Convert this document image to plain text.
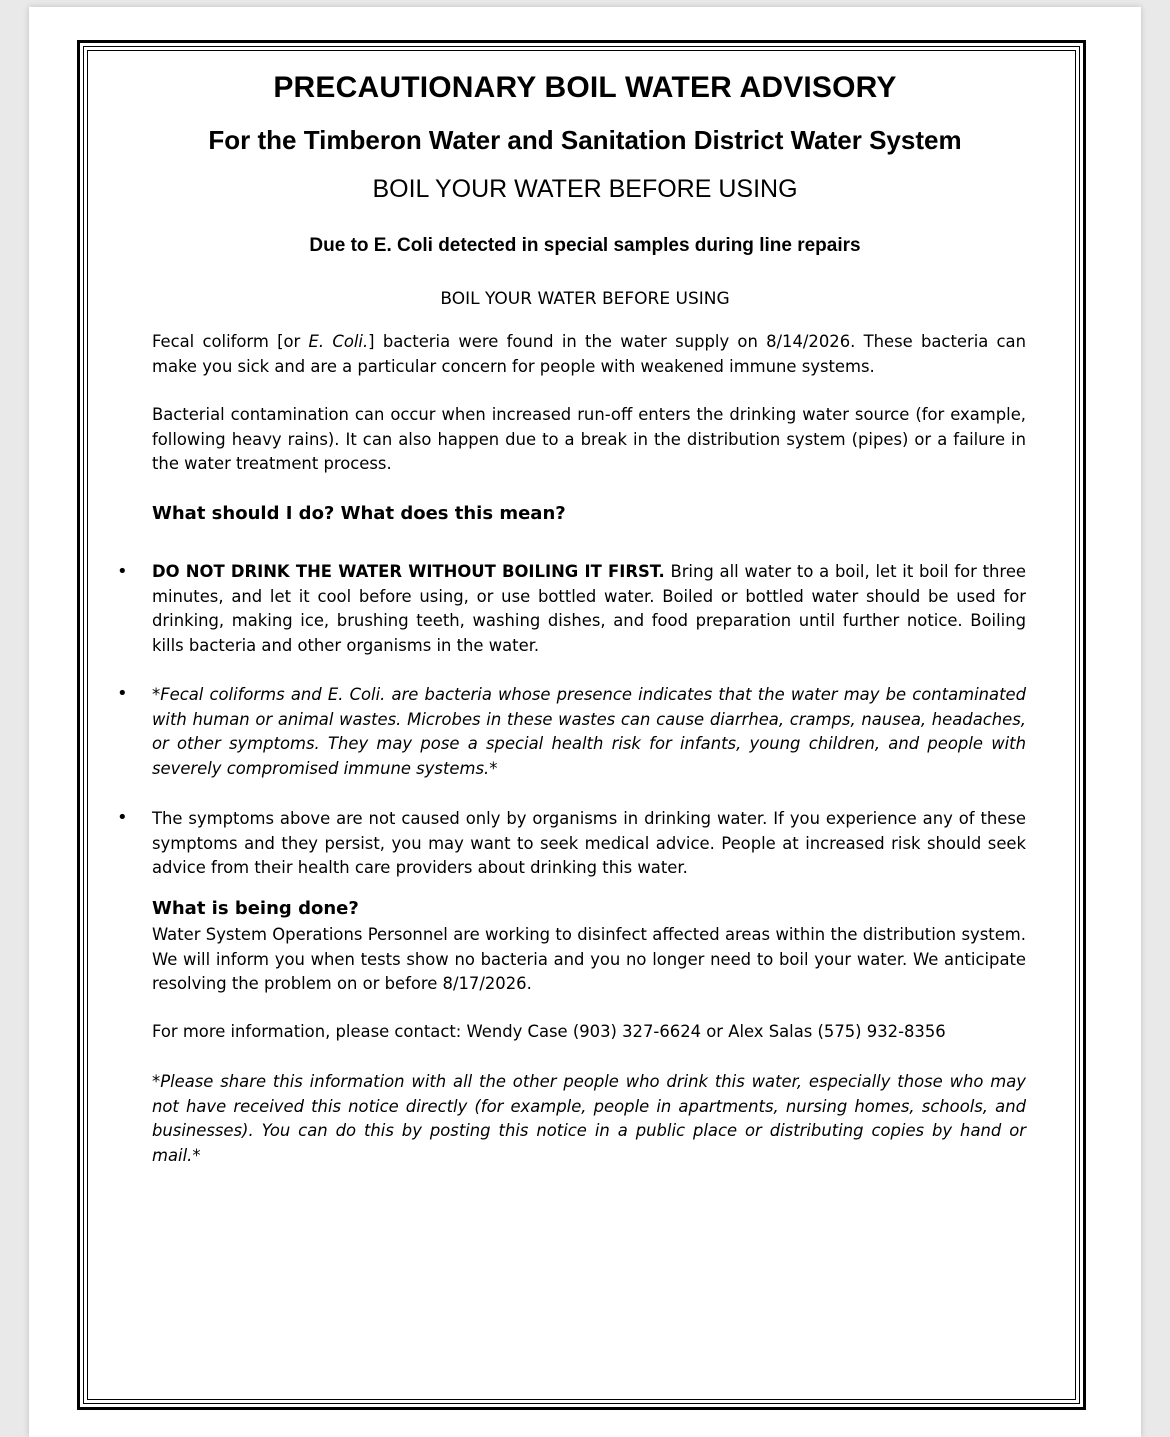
PRECAUTIONARY BOIL WATER ADVISORY
For the Timberon Water and Sanitation District Water System
BOIL YOUR WATER BEFORE USING
Due to E. Coli detected in special samples during line repairs
BOIL YOUR WATER BEFORE USING

Fecal coliform [or E. Coli.] bacteria were found in the water supply on 8/14/2026. These bacteria can make you sick and are a particular concern for people with weakened immune systems.

Bacterial contamination can occur when increased run-off enters the drinking water source (for example, following heavy rains). It can also happen due to a break in the distribution system (pipes) or a failure in the water treatment process.

What should I do? What does this mean?
• DO NOT DRINK THE WATER WITHOUT BOILING IT FIRST. Bring all water to a boil, let it boil for three minutes, and let it cool before using, or use bottled water. Boiled or bottled water should be used for drinking, making ice, brushing teeth, washing dishes, and food preparation until further notice. Boiling kills bacteria and other organisms in the water.

• *Fecal coliforms and E. Coli. are bacteria whose presence indicates that the water may be contaminated with human or animal wastes. Microbes in these wastes can cause diarrhea, cramps, nausea, headaches, or other symptoms. They may pose a special health risk for infants, young children, and people with severely compromised immune systems.*

• The symptoms above are not caused only by organisms in drinking water. If you experience any of these symptoms and they persist, you may want to seek medical advice. People at increased risk should seek advice from their health care providers about drinking this water.

What is being done?

Water System Operations Personnel are working to disinfect affected areas within the distribution system. We will inform you when tests show no bacteria and you no longer need to boil your water. We anticipate resolving the problem on or before 8/17/2026.

For more information, please contact: Wendy Case (903) 327-6624 or Alex Salas (575) 932-8356

*Please share this information with all the other people who drink this water, especially those who may not have received this notice directly (for example, people in apartments, nursing homes, schools, and businesses). You can do this by posting this notice in a public place or distributing copies by hand or mail.*
